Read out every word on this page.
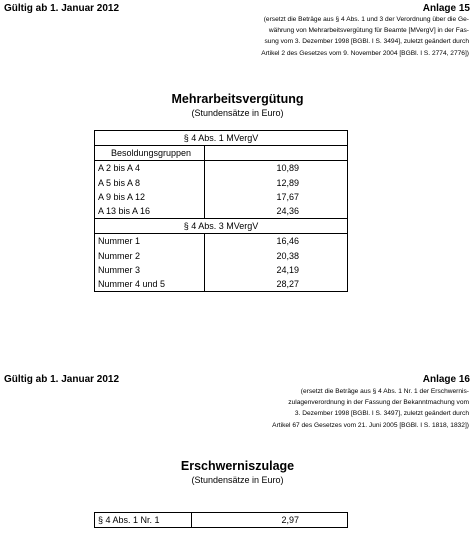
Gültig ab 1. Januar 2012	Anlage 15
(ersetzt die Beträge aus § 4 Abs. 1 und 3 der Verordnung über die Ge-
währung von Mehrarbeitsvergütung für Beamte [MVergV] in der Fas-
sung vom 3. Dezember 1998 [BGBl. I S. 3494], zuletzt geändert durch
Artikel 2 des Gesetzes vom 9. November 2004 [BGBl. I S. 2774, 2776])
Mehrarbeitsvergütung
(Stundensätze in Euro)
§ 4 Abs. 1 MVergV	
Besoldungsgruppen	
A 2 bis A 4	10,89
A 5 bis A 8	12,89
A 9 bis A 12	17,67
A 13 bis A 16	24,36
§ 4 Abs. 3 MVergV	
Nummer 1	16,46
Nummer 2	20,38
Nummer 3	24,19
Nummer 4 und 5	28,27
Gültig ab 1. Januar 2012	Anlage 16
(ersetzt die Beträge aus § 4 Abs. 1 Nr. 1 der Erschwernis-
zulagenverordnung in der Fassung der Bekanntmachung vom
3. Dezember 1998 [BGBl. I S. 3497], zuletzt geändert durch
Artikel 67 des Gesetzes vom 21. Juni 2005 [BGBl. I S. 1818, 1832])
Erschwerniszulage
(Stundensätze in Euro)
§ 4 Abs. 1 Nr. 1	2,97
